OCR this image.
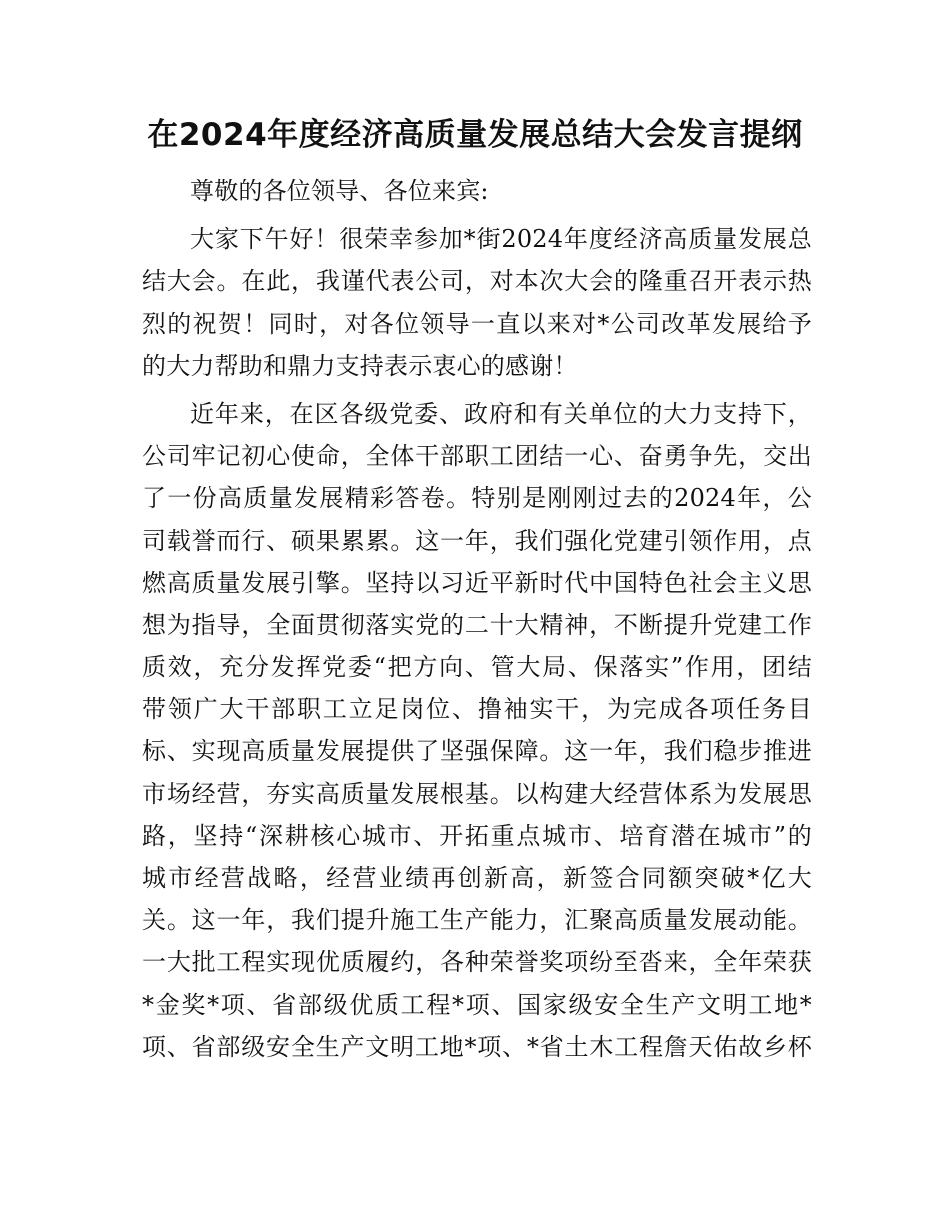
在2024年度经济高质量发展总结大会发言提纲
尊敬的各位领导、各位来宾:
大家下午好！很荣幸参加*街2024年度经济高质量发展总
结大会。在此，我谨代表公司，对本次大会的隆重召开表示热
烈的祝贺！同时，对各位领导一直以来对*公司改革发展给予
的大力帮助和鼎力支持表示衷心的感谢！
近年来，在区各级党委、政府和有关单位的大力支持下，
公司牢记初心使命，全体干部职工团结一心、奋勇争先，交出
了一份高质量发展精彩答卷。特别是刚刚过去的2024年，公
司载誉而行、硕果累累。这一年，我们强化党建引领作用，点
燃高质量发展引擎。坚持以习近平新时代中国特色社会主义思
想为指导，全面贯彻落实党的二十大精神，不断提升党建工作
质效，充分发挥党委“把方向、管大局、保落实”作用，团结
带领广大干部职工立足岗位、撸袖实干，为完成各项任务目
标、实现高质量发展提供了坚强保障。这一年，我们稳步推进
市场经营，夯实高质量发展根基。以构建大经营体系为发展思
路，坚持“深耕核心城市、开拓重点城市、培育潜在城市”的
城市经营战略，经营业绩再创新高，新签合同额突破*亿大
关。这一年，我们提升施工生产能力，汇聚高质量发展动能。
一大批工程实现优质履约，各种荣誉奖项纷至沓来，全年荣获
*金奖*项、省部级优质工程*项、国家级安全生产文明工地*
项、省部级安全生产文明工地*项、*省土木工程詹天佑故乡杯
